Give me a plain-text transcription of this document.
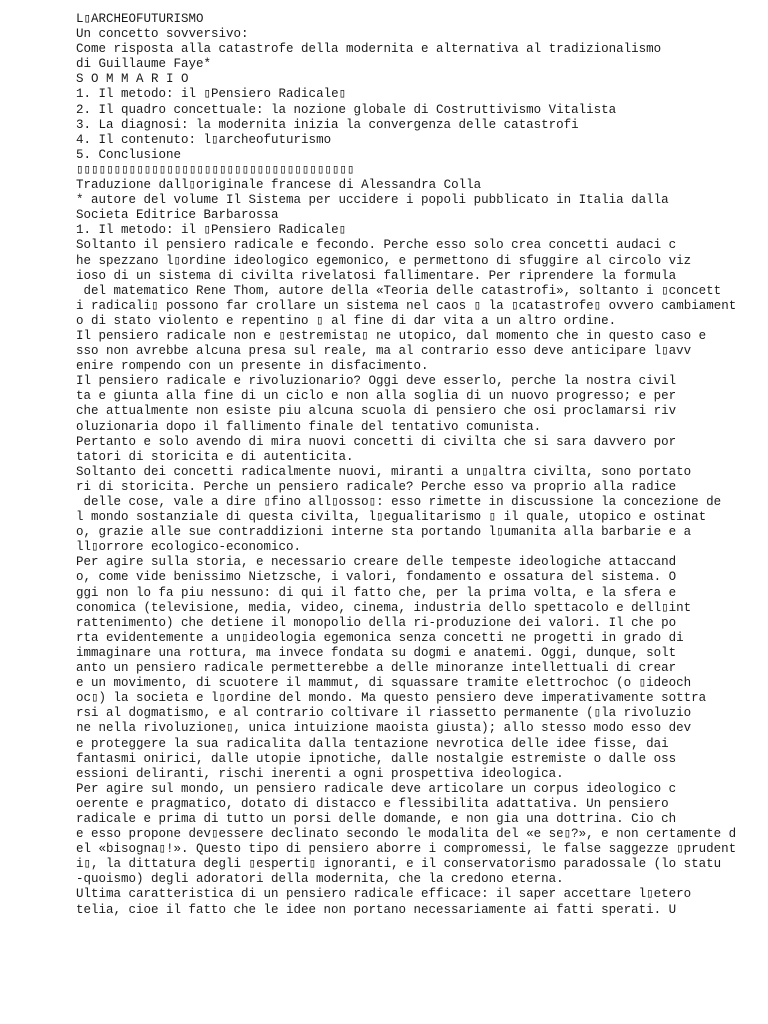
L▯ARCHEOFUTURISMO
Un concetto sovversivo:
Come risposta alla catastrofe della modernita e alternativa al tradizionalismo
di Guillaume Faye*
S O M M A R I O
1. Il metodo: il ▯Pensiero Radicale▯
2. Il quadro concettuale: la nozione globale di Costruttivismo Vitalista
3. La diagnosi: la modernita inizia la convergenza delle catastrofi
4. Il contenuto: l▯archeofuturismo
5. Conclusione
▯▯▯▯▯▯▯▯▯▯▯▯▯▯▯▯▯▯▯▯▯▯▯▯▯▯▯▯▯▯▯▯▯▯▯▯▯
Traduzione dall▯originale francese di Alessandra Colla
* autore del volume Il Sistema per uccidere i popoli pubblicato in Italia dalla
Societa Editrice Barbarossa
1. Il metodo: il ▯Pensiero Radicale▯
Soltanto il pensiero radicale e fecondo. Perche esso solo crea concetti audaci c
he spezzano l▯ordine ideologico egemonico, e permettono di sfuggire al circolo viz
ioso di un sistema di civilta rivelatosi fallimentare. Per riprendere la formula
del matematico Rene Thom, autore della «Teoria delle catastrofi», soltanto i ▯concett
i radicali▯ possono far crollare un sistema nel caos ▯ la ▯catastrofe▯ ovvero cambiament
o di stato violento e repentino ▯ al fine di dar vita a un altro ordine.
Il pensiero radicale non e ▯estremista▯ ne utopico, dal momento che in questo caso e
sso non avrebbe alcuna presa sul reale, ma al contrario esso deve anticipare l▯avv
enire rompendo con un presente in disfacimento.
Il pensiero radicale e rivoluzionario? Oggi deve esserlo, perche la nostra civil
ta e giunta alla fine di un ciclo e non alla soglia di un nuovo progresso; e per
che attualmente non esiste piu alcuna scuola di pensiero che osi proclamarsi riv
oluzionaria dopo il fallimento finale del tentativo comunista.
Pertanto e solo avendo di mira nuovi concetti di civilta che si sara davvero por
tatori di storicita e di autenticita.
Soltanto dei concetti radicalmente nuovi, miranti a un▯altra civilta, sono portato
ri di storicita. Perche un pensiero radicale? Perche esso va proprio alla radice
delle cose, vale a dire ▯fino all▯osso▯: esso rimette in discussione la concezione de
l mondo sostanziale di questa civilta, l▯egualitarismo ▯ il quale, utopico e ostinat
o, grazie alle sue contraddizioni interne sta portando l▯umanita alla barbarie e a
ll▯orrore ecologico-economico.
Per agire sulla storia, e necessario creare delle tempeste ideologiche attaccand
o, come vide benissimo Nietzsche, i valori, fondamento e ossatura del sistema. O
ggi non lo fa piu nessuno: di qui il fatto che, per la prima volta, e la sfera e
conomica (televisione, media, video, cinema, industria dello spettacolo e dell▯int
rattenimento) che detiene il monopolio della ri-produzione dei valori. Il che po
rta evidentemente a un▯ideologia egemonica senza concetti ne progetti in grado di
immaginare una rottura, ma invece fondata su dogmi e anatemi. Oggi, dunque, solt
anto un pensiero radicale permetterebbe a delle minoranze intellettuali di crear
e un movimento, di scuotere il mammut, di squassare tramite elettrochoc (o ▯ideoch
oc▯) la societa e l▯ordine del mondo. Ma questo pensiero deve imperativamente sottra
rsi al dogmatismo, e al contrario coltivare il riassetto permanente (▯la rivoluzio
ne nella rivoluzione▯, unica intuizione maoista giusta); allo stesso modo esso dev
e proteggere la sua radicalita dalla tentazione nevrotica delle idee fisse, dai
fantasmi onirici, dalle utopie ipnotiche, dalle nostalgie estremiste o dalle oss
essioni deliranti, rischi inerenti a ogni prospettiva ideologica.
Per agire sul mondo, un pensiero radicale deve articolare un corpus ideologico c
oerente e pragmatico, dotato di distacco e flessibilita adattativa. Un pensiero
radicale e prima di tutto un porsi delle domande, e non gia una dottrina. Cio ch
e esso propone dev▯essere declinato secondo le modalita del «e se▯?», e non certamente d
el «bisogna▯!». Questo tipo di pensiero aborre i compromessi, le false saggezze ▯prudent
i▯, la dittatura degli ▯esperti▯ ignoranti, e il conservatorismo paradossale (lo statu
-quoismo) degli adoratori della modernita, che la credono eterna.
Ultima caratteristica di un pensiero radicale efficace: il saper accettare l▯etero
telia, cioe il fatto che le idee non portano necessariamente ai fatti sperati. U
